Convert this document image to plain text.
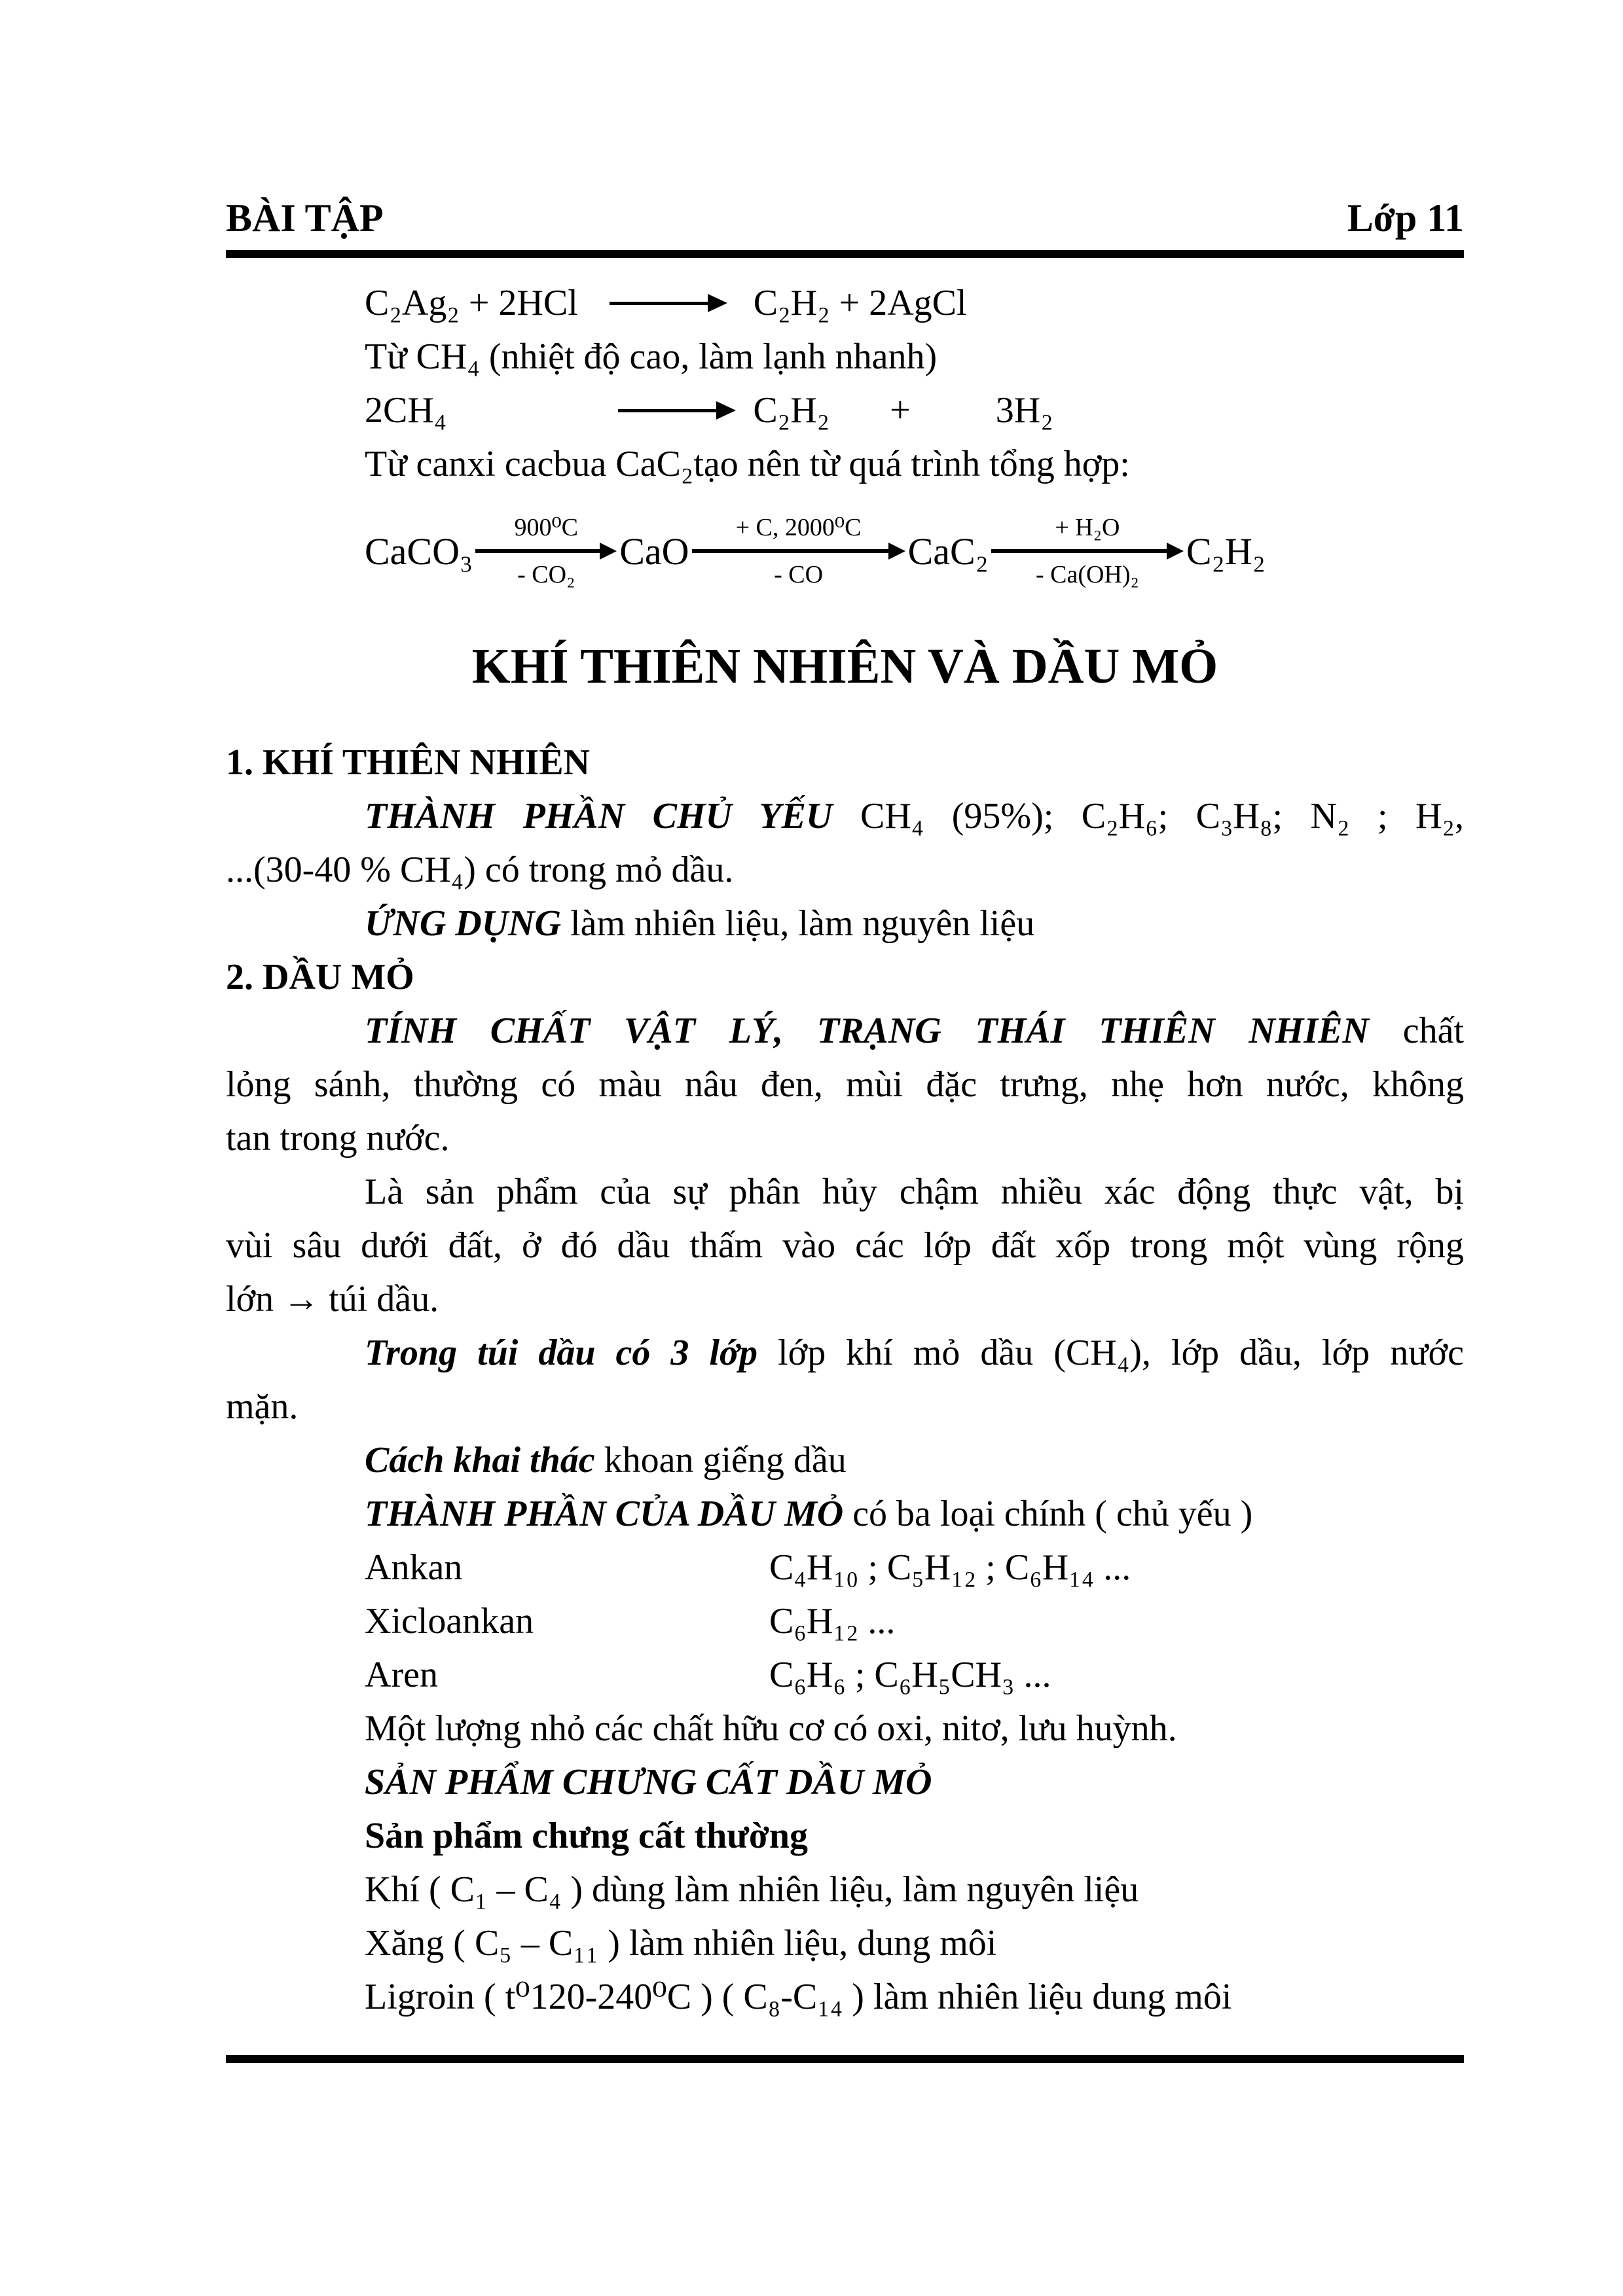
BÀI TẬP	Lớp 11
C₂Ag₂ + 2HCl	C₂H₂ + 2AgCl
Từ CH₄ (nhiệt độ cao, làm lạnh nhanh)
2CH₄	C₂H₂ + 3H₂
Từ canxi cacbua CaC₂tạo nên từ quá trình tổng hợp:
CaCO₃
900⁰C
- CO₂
CaO
+ C, 2000⁰C
- CO
CaC₂
+ H₂O
- Ca(OH)₂
C₂H₂
KHÍ THIÊN NHIÊN VÀ DẦU MỎ
1. KHÍ THIÊN NHIÊN
THÀNH PHẦN CHỦ YẾU CH₄ (95%); C₂H₆; C₃H₈; N₂ ; H₂,
...(30-40 % CH₄) có trong mỏ dầu.
ỨNG DỤNG làm nhiên liệu, làm nguyên liệu
2. DẦU MỎ
TÍNH CHẤT VẬT LÝ, TRẠNG THÁI THIÊN NHIÊN chất
lỏng sánh, thường có màu nâu đen, mùi đặc trưng, nhẹ hơn nước, không
tan trong nước.
Là sản phẩm của sự phân hủy chậm nhiều xác động thực vật, bị
vùi sâu dưới đất, ở đó dầu thấm vào các lớp đất xốp trong một vùng rộng
lớn → túi dầu.
Trong túi dầu có 3 lớp lớp khí mỏ dầu (CH₄), lớp dầu, lớp nước
mặn.
Cách khai thác khoan giếng dầu
THÀNH PHẦN CỦA DẦU MỎ có ba loại chính ( chủ yếu )
Ankan	C₄H₁₀ ; C₅H₁₂ ; C₆H₁₄ ...
Xicloankan	C₆H₁₂ ...
Aren	C₆H₆ ; C₆H₅CH₃ ...
Một lượng nhỏ các chất hữu cơ có oxi, nitơ, lưu huỳnh.
SẢN PHẨM CHƯNG CẤT DẦU MỎ
Sản phẩm chưng cất thường
Khí ( C₁ – C₄ ) dùng làm nhiên liệu, làm nguyên liệu
Xăng ( C₅ – C₁₁ ) làm nhiên liệu, dung môi
Ligroin ( t⁰120-240⁰C ) ( C₈-C₁₄ ) làm nhiên liệu dung môi
